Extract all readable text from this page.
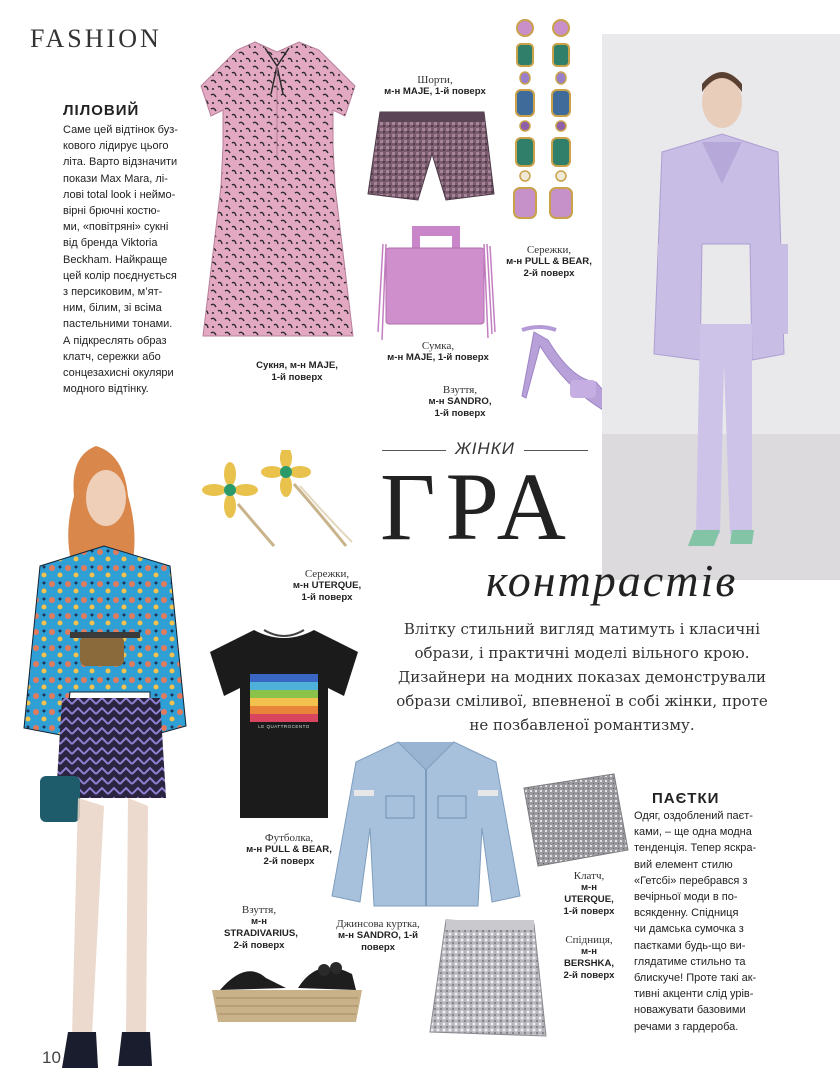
FASHION
ЛІЛОВИЙ
Саме цей відтінок буз-
кового лідирує цього
літа. Варто відзначити
покази Max Mara, лі-
лові total look і неймо-
вірні брючні костю-
ми, «повітряні» сукні
від бренда Viktoria
Beckham. Найкраще
цей колір поєднується
з персиковим, м’ят-
ним, білим, зі всіма
пастельними тонами.
А підкреслять образ
клатч, сережки або
сонцезахисні окуляри
модного відтінку.
Сукня, м-н MAJE,
1-й поверх
Шорти,
м-н MAJE, 1-й поверх
Сережки,
м-н PULL & BEAR,
2-й поверх
Сумка,
м-н MAJE, 1-й поверх
Взуття,
м-н SANDRO,
1-й поверх
Сережки,
м-н UTERQUE,
1-й поверх
ЖІНКИ
ГРА
контрастів
Влітку стильний вигляд матимуть і класичні
образи, і практичні моделі вільного крою.
Дизайнери на модних показах демонстрували
образи сміливої, впевненої в собі жінки, проте
не позбавленої романтизму.
LE QUATTROCENTO
Футболка,
м-н PULL & BEAR,
2-й поверх
Джинсова куртка,
м-н SANDRO, 1-й поверх
Клатч,
м-н UTERQUE,
1-й поверх
Спідниця,
м-н BERSHKA,
2-й поверх
Взуття,
м-н STRADIVARIUS,
2-й поверх
ПАЄТКИ
Одяг, оздоблений паєт-
ками, – ще одна модна
тенденція. Тепер яскра-
вий елемент стилю
«Гетсбі» перебрався з
вечірньої моди в по-
всякденну. Спідниця
чи дамська сумочка з
паєтками будь-що ви-
глядатиме стильно та
блискуче! Проте такі ак-
тивні акценти слід урів-
новажувати базовими
речами з гардероба.
10
